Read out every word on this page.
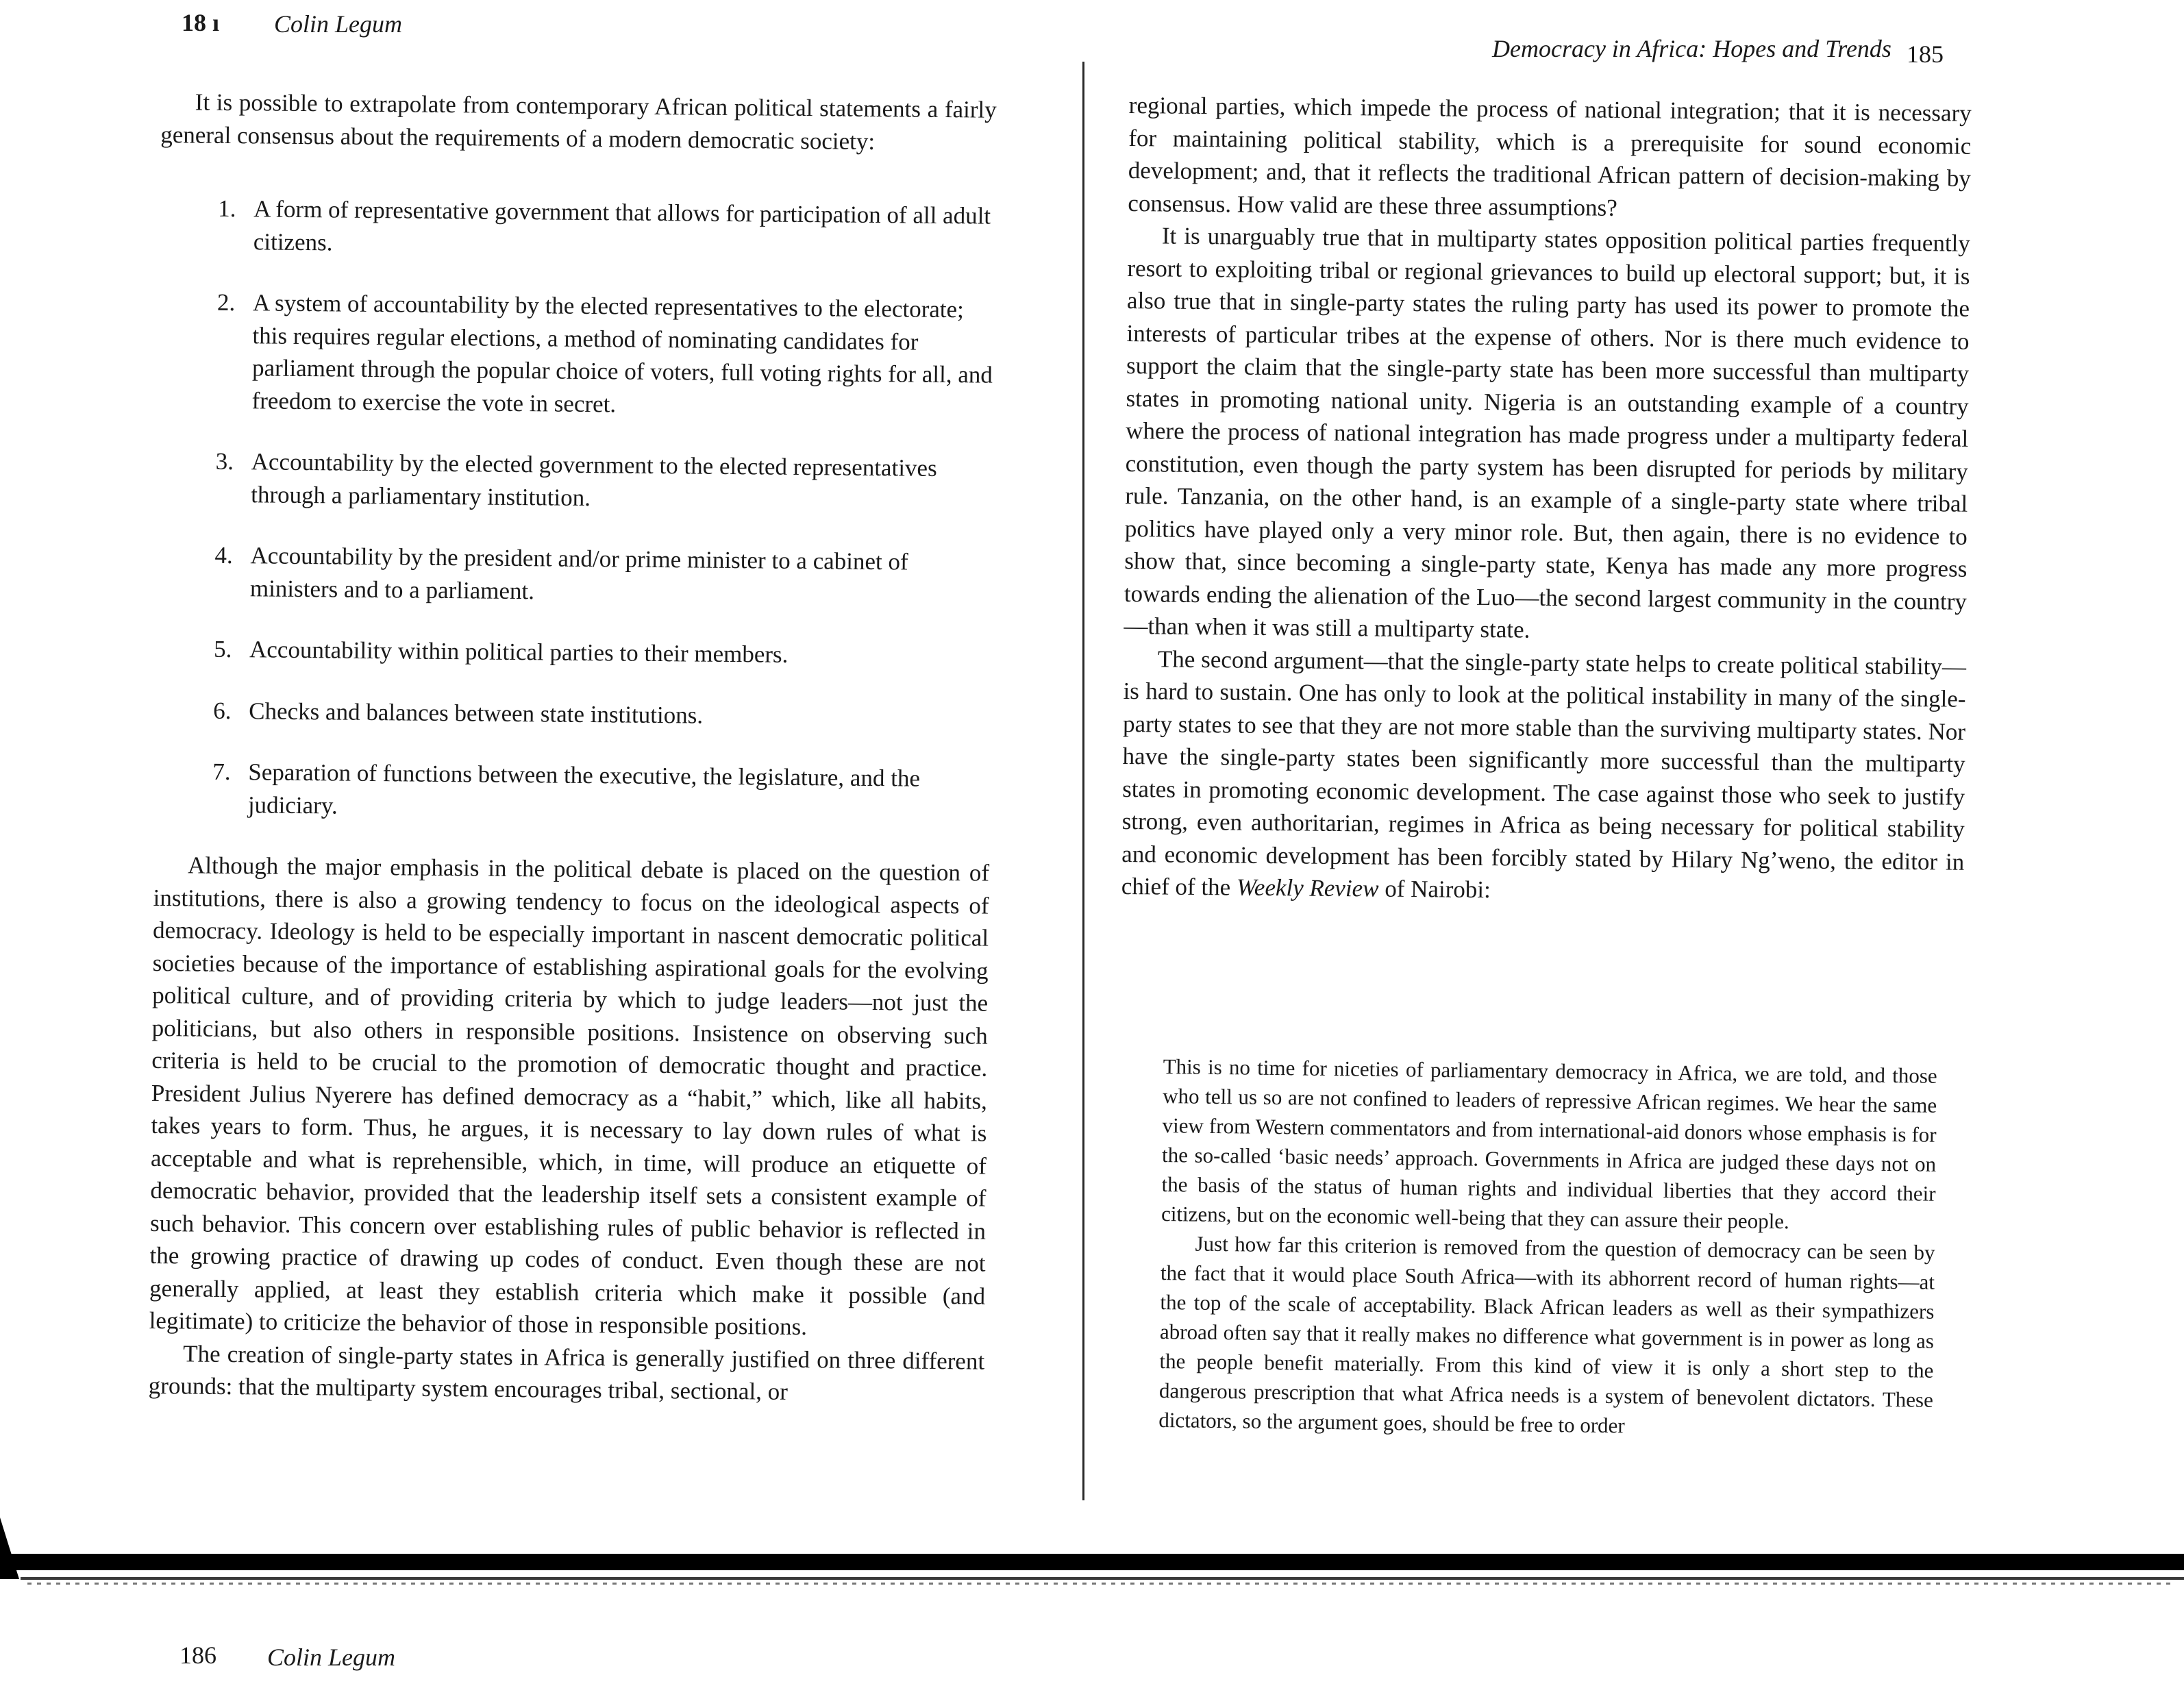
18 ı Colin Legum

It is possible to extrapolate from contemporary African political statements a fairly general consensus about the requirements of a modern democratic society:

1. A form of representative government that allows for participation of all adult citizens.
2. A system of accountability by the elected representatives to the electorate; this requires regular elections, a method of nominating candidates for parliament through the popular choice of voters, full voting rights for all, and freedom to exercise the vote in secret.
3. Accountability by the elected government to the elected representatives through a parliamentary institution.
4. Accountability by the president and/or prime minister to a cabinet of ministers and to a parliament.
5. Accountability within political parties to their members.
6. Checks and balances between state institutions.
7. Separation of functions between the executive, the legislature, and the judiciary.

Although the major emphasis in the political debate is placed on the question of institutions, there is also a growing tendency to focus on the ideological aspects of democracy. Ideology is held to be especially important in nascent democratic political societies because of the importance of establishing aspirational goals for the evolving political culture, and of providing criteria by which to judge leaders—not just the politicians, but also others in responsible positions. Insistence on observing such criteria is held to be crucial to the promotion of democratic thought and practice. President Julius Nyerere has defined democracy as a “habit,” which, like all habits, takes years to form. Thus, he argues, it is necessary to lay down rules of what is acceptable and what is reprehensible, which, in time, will produce an etiquette of democratic behavior, provided that the leadership itself sets a consistent example of such behavior. This concern over establishing rules of public behavior is reflected in the growing practice of drawing up codes of conduct. Even though these are not generally applied, at least they establish criteria which make it possible (and legitimate) to criticize the behavior of those in responsible positions.

The creation of single-party states in Africa is generally justified on three different grounds: that the multiparty system encourages tribal, sectional, or

Democracy in Africa: Hopes and Trends 185

regional parties, which impede the process of national integration; that it is necessary for maintaining political stability, which is a prerequisite for sound economic development; and, that it reflects the traditional African pattern of decision-making by consensus. How valid are these three assumptions?

It is unarguably true that in multiparty states opposition political parties frequently resort to exploiting tribal or regional grievances to build up electoral support; but, it is also true that in single-party states the ruling party has used its power to promote the interests of particular tribes at the expense of others. Nor is there much evidence to support the claim that the single-party state has been more successful than multiparty states in promoting national unity. Nigeria is an outstanding example of a country where the process of national integration has made progress under a multiparty federal constitution, even though the party system has been disrupted for periods by military rule. Tanzania, on the other hand, is an example of a single-party state where tribal politics have played only a very minor role. But, then again, there is no evidence to show that, since becoming a single-party state, Kenya has made any more progress towards ending the alienation of the Luo—the second largest community in the country—than when it was still a multiparty state.

The second argument—that the single-party state helps to create political stability—is hard to sustain. One has only to look at the political instability in many of the single-party states to see that they are not more stable than the surviving multiparty states. Nor have the single-party states been significantly more successful than the multiparty states in promoting economic development. The case against those who seek to justify strong, even authoritarian, regimes in Africa as being necessary for political stability and economic development has been forcibly stated by Hilary Ng’weno, the editor in chief of the Weekly Review of Nairobi:

This is no time for niceties of parliamentary democracy in Africa, we are told, and those who tell us so are not confined to leaders of repressive African regimes. We hear the same view from Western commentators and from international-aid donors whose emphasis is for the so-called ‘basic needs’ approach. Governments in Africa are judged these days not on the basis of the status of human rights and individual liberties that they accord their citizens, but on the economic well-being that they can assure their people.

Just how far this criterion is removed from the question of democracy can be seen by the fact that it would place South Africa—with its abhorrent record of human rights—at the top of the scale of acceptability. Black African leaders as well as their sympathizers abroad often say that it really makes no difference what government is in power as long as the people benefit materially. From this kind of view it is only a short step to the dangerous prescription that what Africa needs is a system of benevolent dictators. These dictators, so the argument goes, should be free to order

186 Colin Legum
